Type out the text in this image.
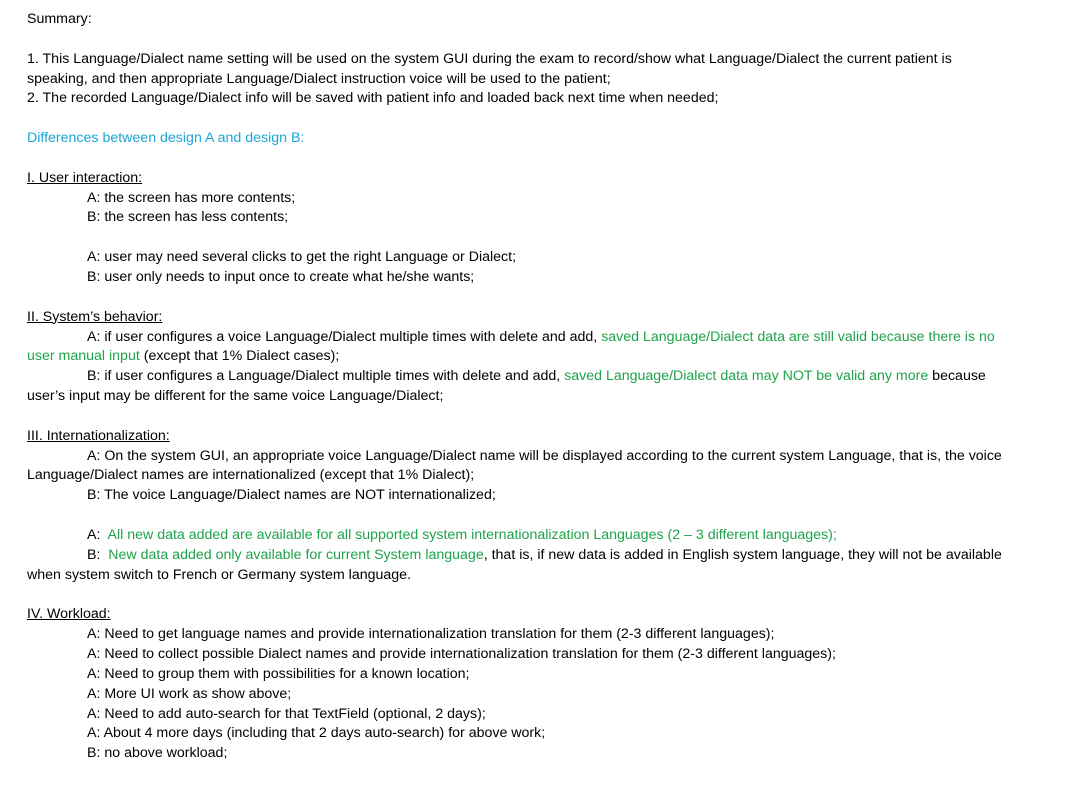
Summary:
1. This Language/Dialect name setting will be used on the system GUI during the exam to record/show what Language/Dialect the current patient is
speaking, and then appropriate Language/Dialect instruction voice will be used to the patient;
2. The recorded Language/Dialect info will be saved with patient info and loaded back next time when needed;
Differences between design A and design B:
I. User interaction:
A: the screen has more contents;
B: the screen has less contents;
A: user may need several clicks to get the right Language or Dialect;
B: user only needs to input once to create what he/she wants;
II. System’s behavior:
A: if user configures a voice Language/Dialect multiple times with delete and add, saved Language/Dialect data are still valid because there is no
user manual input (except that 1% Dialect cases);
B: if user configures a Language/Dialect multiple times with delete and add, saved Language/Dialect data may NOT be valid any more because
user’s input may be different for the same voice Language/Dialect;
III. Internationalization:
A: On the system GUI, an appropriate voice Language/Dialect name will be displayed according to the current system Language, that is, the voice
Language/Dialect names are internationalized (except that 1% Dialect);
B: The voice Language/Dialect names are NOT internationalized;
A:  All new data added are available for all supported system internationalization Languages (2 – 3 different languages);
B:  New data added only available for current System language, that is, if new data is added in English system language, they will not be available
when system switch to French or Germany system language.
IV. Workload:
A: Need to get language names and provide internationalization translation for them (2-3 different languages);
A: Need to collect possible Dialect names and provide internationalization translation for them (2-3 different languages);
A: Need to group them with possibilities for a known location;
A: More UI work as show above;
A: Need to add auto-search for that TextField (optional, 2 days);
A: About 4 more days (including that 2 days auto-search) for above work;
B: no above workload;
